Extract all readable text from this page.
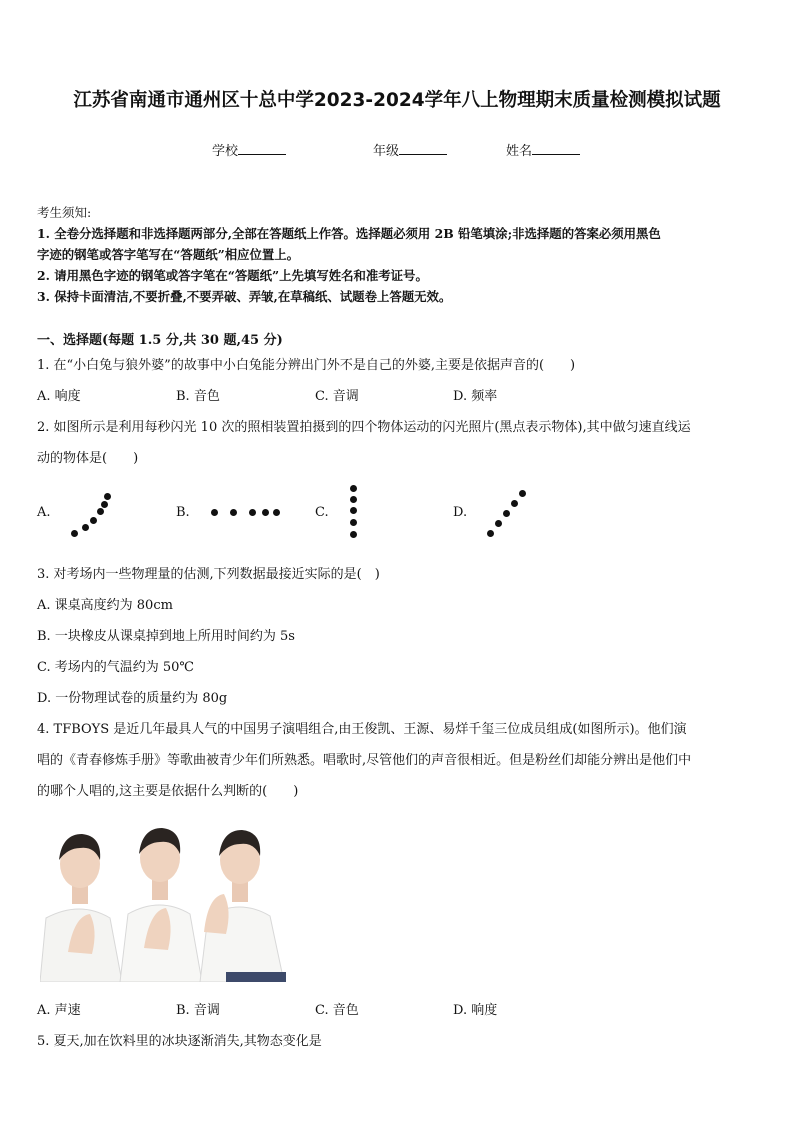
江苏省南通市通州区十总中学2023-2024学年八上物理期末质量检测模拟试题
学校	年级	姓名
考生须知:
1. 全卷分选择题和非选择题两部分,全部在答题纸上作答。选择题必须用 2B 铅笔填涂;非选择题的答案必须用黑色
字迹的钢笔或答字笔写在“答题纸”相应位置上。
2. 请用黑色字迹的钢笔或答字笔在“答题纸”上先填写姓名和准考证号。
3. 保持卡面清洁,不要折叠,不要弄破、弄皱,在草稿纸、试题卷上答题无效。
一、选择题(每题 1.5 分,共 30 题,45 分)
1. 在“小白兔与狼外婆”的故事中小白兔能分辨出门外不是自己的外婆,主要是依据声音的(　　)
A. 响度	B. 音色	C. 音调	D. 频率
2. 如图所示是利用每秒闪光 10 次的照相装置拍摄到的四个物体运动的闪光照片(黑点表示物体),其中做匀速直线运
动的物体是(　　)
A.	B.	C.	D.
3. 对考场内一些物理量的估测,下列数据最接近实际的是(　)
A. 课桌高度约为 80cm
B. 一块橡皮从课桌掉到地上所用时间约为 5s
C. 考场内的气温约为 50℃
D. 一份物理试卷的质量约为 80g
4. TFBOYS 是近几年最具人气的中国男子演唱组合,由王俊凯、王源、易烊千玺三位成员组成(如图所示)。他们演
唱的《青春修炼手册》等歌曲被青少年们所熟悉。唱歌时,尽管他们的声音很相近。但是粉丝们却能分辨出是他们中
的哪个人唱的,这主要是依据什么判断的(　　)
A. 声速	B. 音调	C. 音色	D. 响度
5. 夏天,加在饮料里的冰块逐渐消失,其物态变化是
